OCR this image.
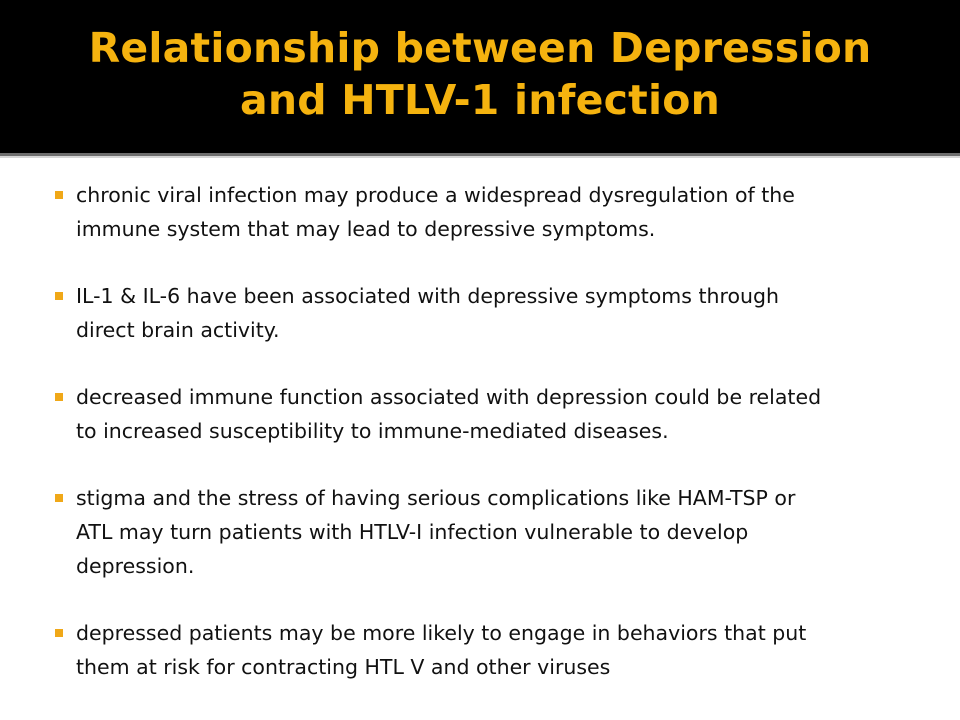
Relationship between Depression
and HTLV-1 infection
chronic viral infection may produce a widespread dysregulation of the
immune system that may lead to depressive symptoms.
IL-1 & IL-6 have been associated with depressive symptoms through
direct brain activity.
decreased immune function associated with depression could be related
to increased susceptibility to immune-mediated diseases.
stigma and the stress of having serious complications like HAM-TSP or
ATL may turn patients with HTLV-I infection vulnerable to develop
depression.
depressed patients may be more likely to engage in behaviors that put
them at risk for contracting HTL V and other viruses
